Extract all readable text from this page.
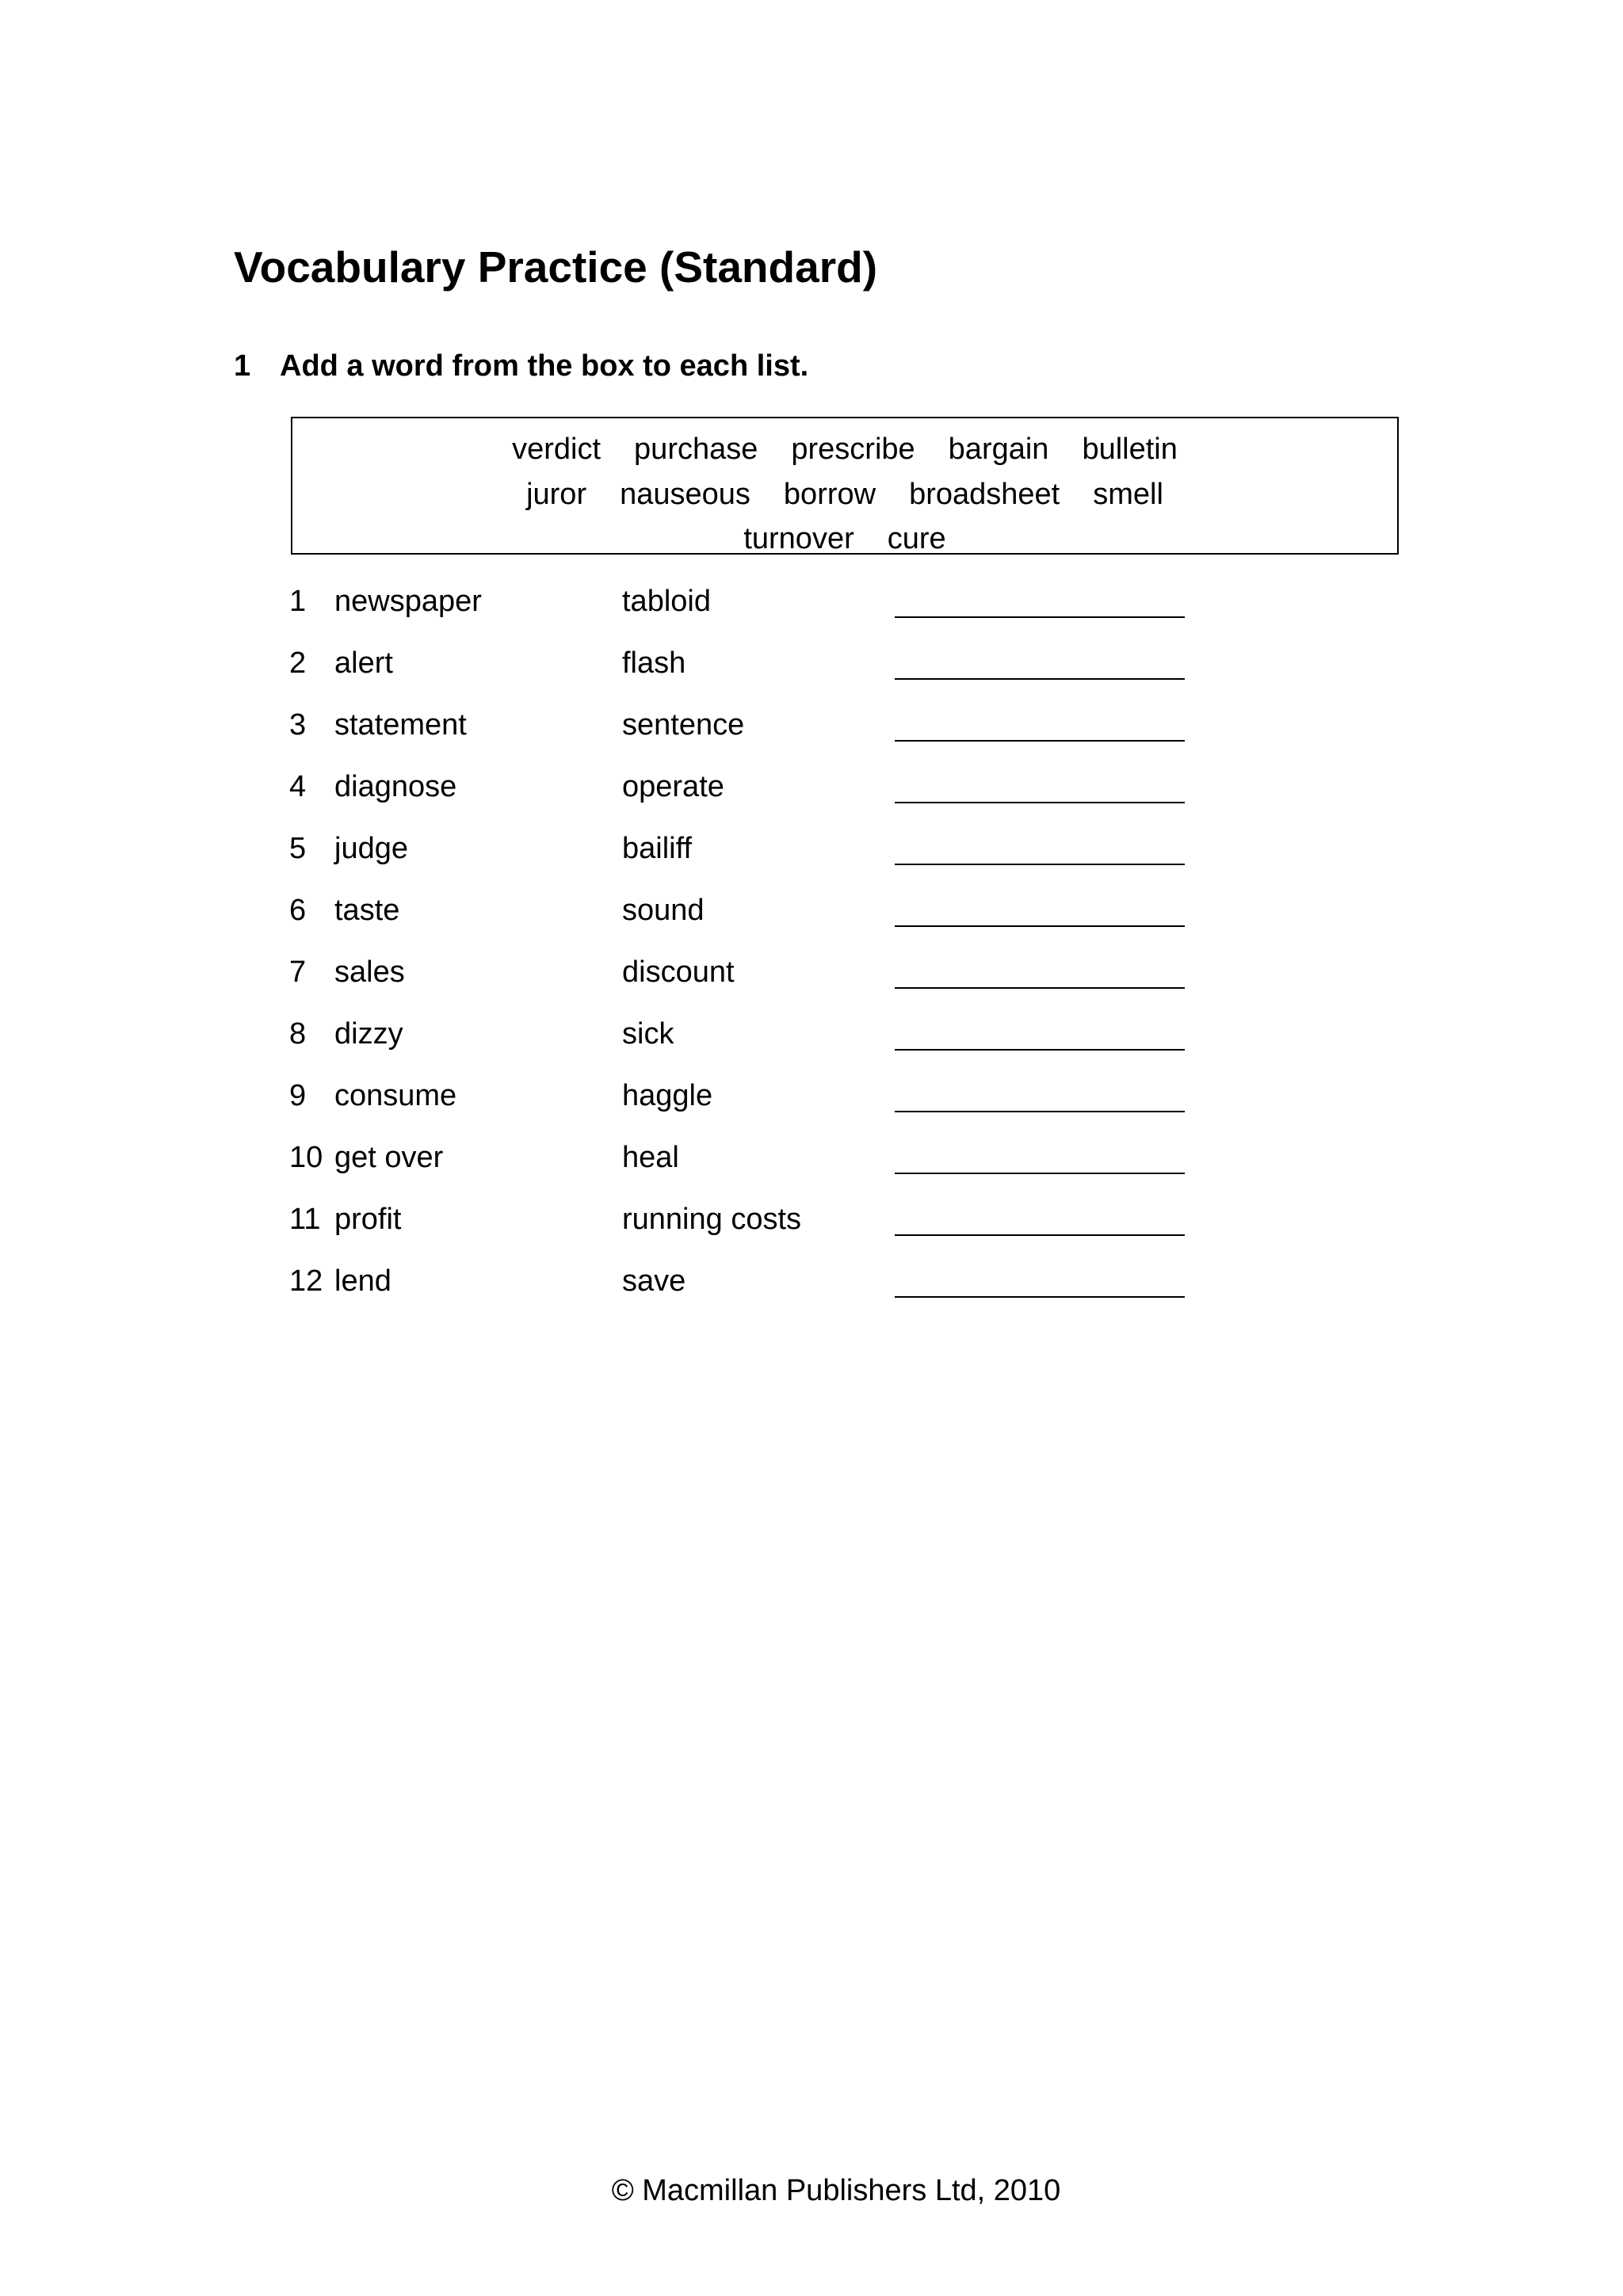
Vocabulary Practice (Standard)
1 Add a word from the box to each list.
verdict purchase prescribe bargain bulletin
juror nauseous borrow broadsheet smell
turnover cure
1 newspaper	tabloid
2 alert	flash
3 statement	sentence
4 diagnose	operate
5 judge	bailiff
6 taste	sound
7 sales	discount
8 dizzy	sick
9 consume	haggle
10 get over	heal
11 profit	running costs
12 lend	save
© Macmillan Publishers Ltd, 2010
